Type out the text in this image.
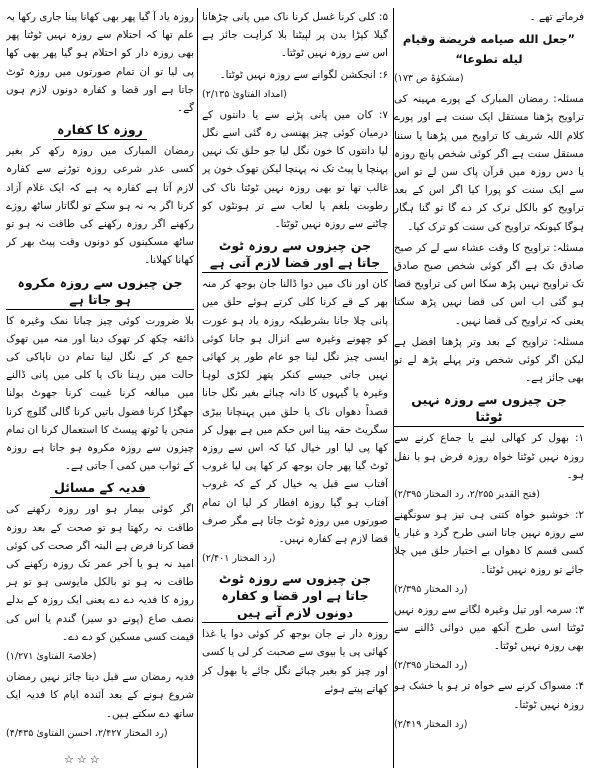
فرماتے تھے ۔

”جعل الله صيامه فريضة وقيام ليله تطوعا“

(مشکوٰۃ ص ۱۷۳)

مسئلہ: رمضان المبارک کے پورے مہینہ کی تراویح پڑھنا مستقل ایک سنت ہے اور پورے کلام اللہ شریف کا تراویح میں پڑھنا یا سننا مستقل سنت ہے اگر کوئی شخص پانچ روزہ یا دس روزہ میں قرآن پاک سن لے تو اس سے ایک سنت کو پورا کیا اگر اس کے بعد تراویح کو بالکل ترک کر دے گا تو گنا ہگار ہوگا کیونکہ تراویح کی سنت کو ترک کیا۔

مسئلہ: تراویح کا وقت عشاء سے لے کر صبح صادق تک ہے اگر کوئی شخص صبح صادق تک تراویح نہیں پڑھ سکا اس کی تراویح قضا ہو گئی اب اس کی قضا نہیں پڑھ سکتا یعنی کہ تراویح کی قضا نہیں۔

مسئلہ: تراویح کے بعد وتر پڑھنا افضل ہے لیکن اگر کوئی شخص وتر پہلے پڑھ لے تو بھی جائز ہے۔

جن چیزوں سے روزہ نہیں ٹوٹتا

۱: بھول کر کھالی لینے یا جماع کرنے سے روزہ نہیں ٹوٹتا خواہ روزہ فرض ہو یا نفل ہو۔

(فتح القدیر ۲/۲۵۵، رد المختار ۲/۳۹۵)

۲: خوشبو خواہ کتنی ہی تیز ہو سونگھنے سے روزہ نہیں جاتا اسی طرح گرد و غبار یا کسی قسم کا دھواں بے اختیار حلق میں چلا جائے تو روزہ نہیں ٹوٹتا۔

(رد المختار ۲/۳۹۵)

۳: سرمہ اور تیل وغیرہ لگانے سے روزہ نہیں ٹوٹتا اسی طرح آنکھ میں دوائی ڈالنے سے بھی روزہ نہیں ٹوٹتا۔

(رد المختار ۲/۳۹۵)

۴: مسواک کرنے سے خواہ تر ہو یا خشک ہو روزہ نہیں ٹوٹتا۔

(رد المختار ۲/۴۱۹)

۵: کلی کرنا غسل کرنا ناک میں پانی چڑھانا گیلا کپڑا بدن پر لپیٹنا بلا کراہت جائز ہے اس سے روزہ نہیں ٹوٹتا۔

۶: انجکشن لگوانے سے روزہ نہیں ٹوٹتا۔

(امداد الفتاویٰ ۲/۱۳۵)

۷: کان میں پانی پڑنے سے یا دانتوں کے درمیان کوئی چیز پھنسی رہ گئی اسے نگل لیا دانتوں کا خون نگل لیا جو حلق تک نہیں پہنچا یا پیٹ تک نہ پہنچا لیکن تھوک خون پر غالب تھا تو بھی روزہ نہیں ٹوٹتا ناک کی رطوبت بلغم یا لعاب سے تر ہونٹوں کو چاٹنے سے روزہ نہیں ٹوٹتا۔

جن چیزوں سے روزہ ٹوٹ جاتا ہے اور قضا لازم آتی ہے

کان اور ناک میں دوا ڈالنا جان بوجھ کر منہ بھر کے قے کرنا کلی کرتے ہوئے حلق میں پانی چلا جانا بشرطیکہ روزہ یاد ہو عورت کو چھونے وغیرہ سے انزال ہو جانا کوئی ایسی چیز نگل لینا جو عام طور پر کھائی نہیں جاتی جیسے کنکر پتھر لکڑی لوہا وغیرہ یا گیہوں کا دانہ چبائے بغیر نگل جانا قصداً دھواں ناک یا حلق میں پہنچانا بیڑی سگریٹ حقہ پینا اس حکم میں ہے بھول کر کھا پی لیا اور خیال کیا کہ اس سے روزہ ٹوٹ گیا پھر جان بوجھ کر کھا پی لیا غروب آفتاب سے قبل یہ خیال کر کے کہ غروب آفتاب ہو گیا روزہ افطار کر لیا ان تمام صورتوں میں روزہ ٹوٹ جاتا ہے مگر صرف قضا لازم ہے کفارہ نہیں۔

(رد المختار ۲/۴۰۱)

جن چیزوں سے روزہ ٹوٹ جاتا ہے اور قضا و کفارہ دونوں لازم آتے ہیں

روزہ دار نے جان بوجھ کر کوئی دوا یا غذا کھائی پی یا بیوی سے صحبت کر لی یا کسی اور چیز کو بغیر چبائے نگل جائے یا بھول کر کھاتے پیتے ہوئے

روزہ یاد آ گیا پھر بھی کھانا پینا جاری رکھا یہ علم تھا کہ احتلام سے روزہ نہیں ٹوٹتا پھر بھی روزہ دار کو احتلام ہو گیا پھر بھی کھا پی لیا تو ان تمام صورتوں میں روزہ ٹوٹ جاتا ہے اور قضا و کفارہ دونوں لازم ہوں گے۔

روزہ کا کفارہ

رمضان المبارک میں روزہ رکھ کر بغیر کسی عذر شرعی روزہ توڑنے سے کفارہ لازم آتا ہے کفارہ یہ ہے کہ ایک غلام آزاد کرنا اگر یہ نہ ہو سکے تو لگاتار ساٹھ روزے رکھنے اگر روزہ رکھنے کی طاقت نہ ہو تو ساٹھ مسکینوں کو دونوں وقت پیٹ بھر کر کھانا کھلانا۔

جن چیزوں سے روزہ مکروہ ہو جاتا ہے

بلا ضرورت کوئی چیز چبانا نمک وغیرہ کا ذائقہ چکھ کر تھوک دینا اور منہ میں تھوک جمع کر کے نگل لینا تمام دن ناپاکی کی حالت میں رہنا ناک یا کلی میں پانی ڈالنے میں مبالغہ کرنا غیبت کرنا جھوٹ بولنا جھگڑا کرنا فضول باتیں کرنا گالی گلوچ کرنا منجن یا ٹوتھ پیسٹ کا استعمال کرنا ان تمام چیزوں سے روزہ مکروہ ہو جاتا ہے روزہ کے ثواب میں کمی آ جاتی ہے۔

فدیہ کے مسائل

اگر کوئی بیمار ہو اور روزہ رکھنے کی طاقت نہ رکھتا ہو تو صحت کے بعد روزہ قضا کرنا فرض ہے البتہ اگر صحت کی کوئی امید نہ ہو یا آخر عمر تک روزہ رکھنے کی طاقت نہ ہو تو بالکل مایوسی ہو تو ہر روزہ کا فدیہ دے دے یعنی ایک روزہ کے بدلے نصف صاع (پونے دو سیر) گندم یا اس کی قیمت کسی مسکین کو دے دے۔

(خلاصۃ الفتاویٰ ۱/۲۷۱)

فدیہ رمضان سے قبل دینا جائز نہیں رمضان شروع ہونے کے بعد آئندہ ایام کا فدیہ ایک ساتھ دے سکتے ہیں۔

(رد المختار ۲/۴۲۷، احسن الفتاویٰ ۴/۴۳۵)

☆☆☆
